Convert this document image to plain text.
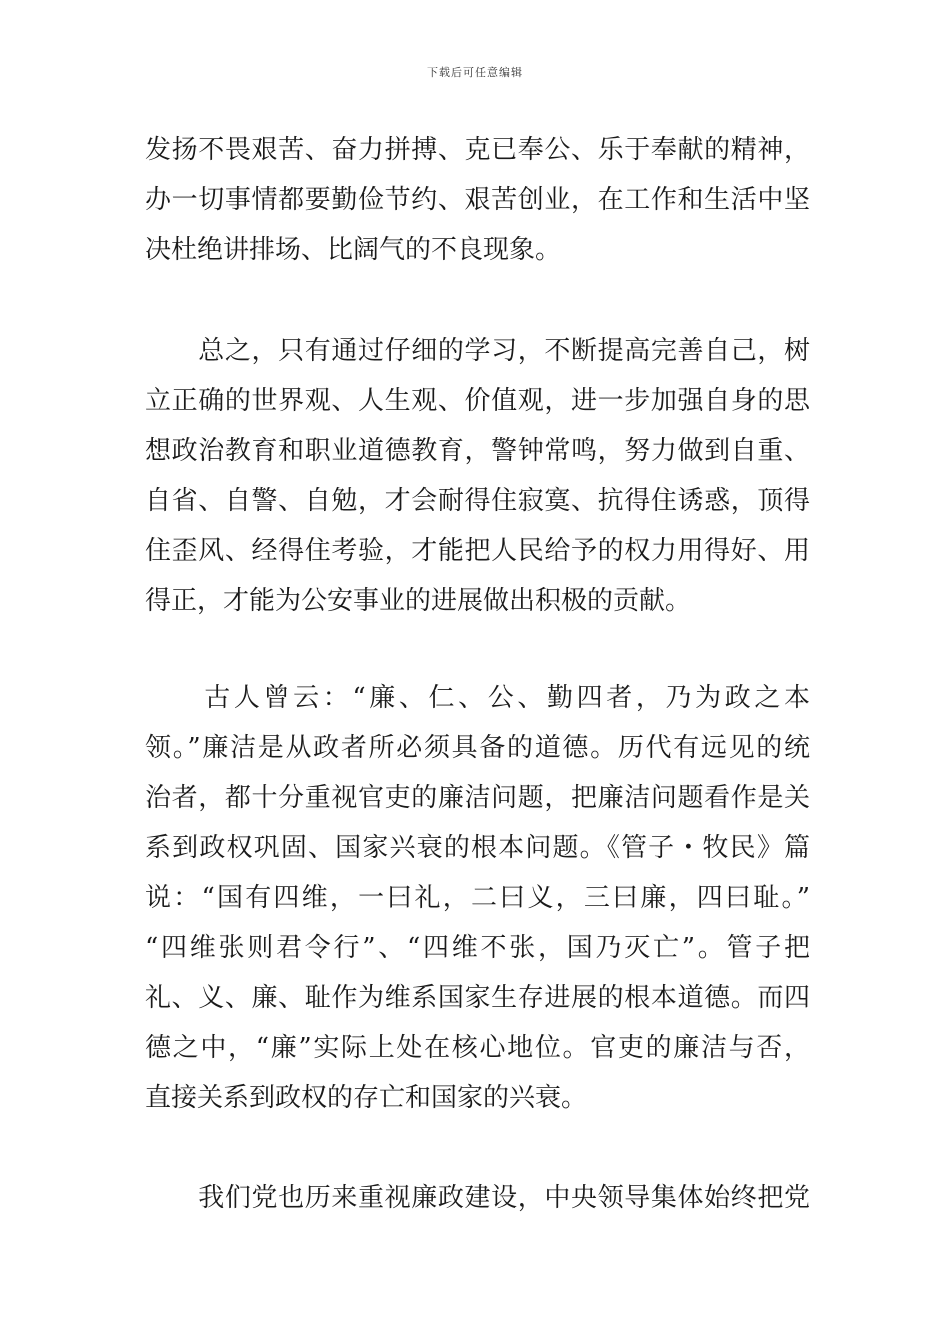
下载后可任意编辑
发扬不畏艰苦、奋力拼搏、克已奉公、乐于奉献的精神，
办一切事情都要勤俭节约、艰苦创业，在工作和生活中坚
决杜绝讲排场、比阔气的不良现象。
　　总之，只有通过仔细的学习，不断提高完善自己，树
立正确的世界观、人生观、价值观，进一步加强自身的思
想政治教育和职业道德教育，警钟常鸣，努力做到自重、
自省、自警、自勉，才会耐得住寂寞、抗得住诱惑，顶得
住歪风、经得住考验，才能把人民给予的权力用得好、用
得正，才能为公安事业的进展做出积极的贡献。
　　古人曾云：“廉、仁、公、勤四者，乃为政之本
领。”廉洁是从政者所必须具备的道德。历代有远见的统
治者，都十分重视官吏的廉洁问题，把廉洁问题看作是关
系到政权巩固、国家兴衰的根本问题。《管子・牧民》篇
说：“国有四维，一曰礼，二曰义，三曰廉，四曰耻。”
“四维张则君令行”、“四维不张，国乃灭亡”。管子把
礼、义、廉、耻作为维系国家生存进展的根本道德。而四
德之中，“廉”实际上处在核心地位。官吏的廉洁与否，
直接关系到政权的存亡和国家的兴衰。
　　我们党也历来重视廉政建设，中央领导集体始终把党
